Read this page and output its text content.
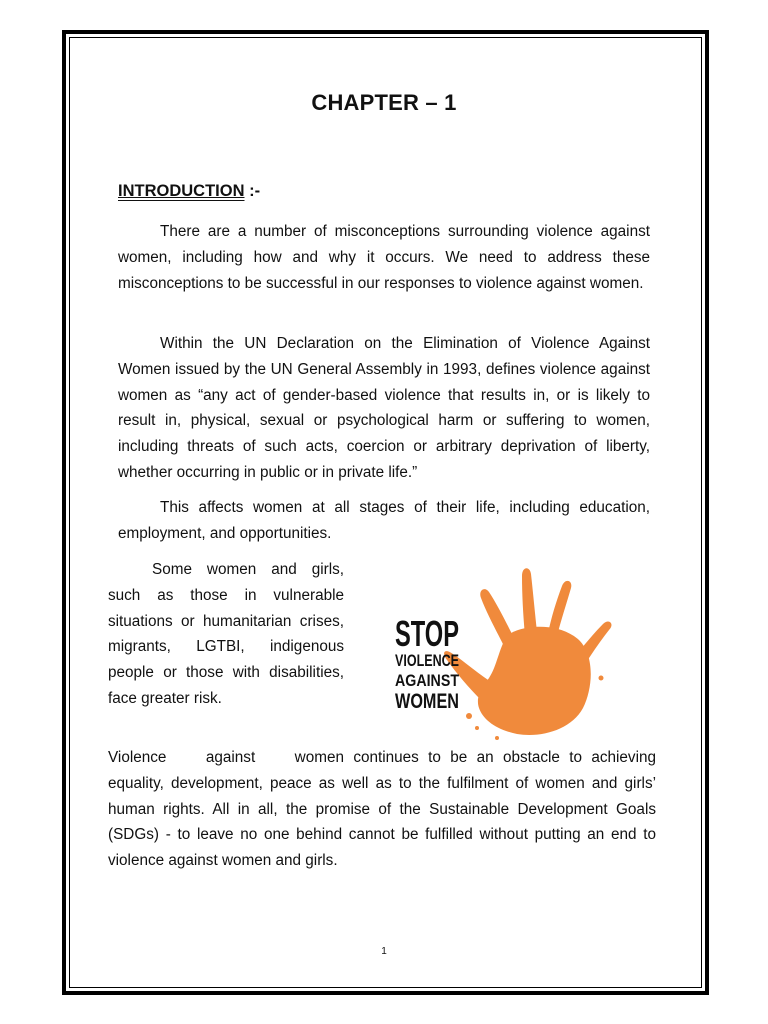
CHAPTER – 1
INTRODUCTION :-

There are a number of misconceptions surrounding violence against women, including how and why it occurs. We need to address these misconceptions to be successful in our responses to violence against women.

Within the UN Declaration on the Elimination of Violence Against Women issued by the UN General Assembly in 1993, defines violence against women as “any act of gender-based violence that results in, or is likely to result in, physical, sexual or psychological harm or suffering to women, including threats of such acts, coercion or arbitrary deprivation of liberty, whether occurring in public or in private life.”

This affects women at all stages of their life, including education, employment, and opportunities.

Some women and girls, such as those in vulnerable situations or humanitarian crises, migrants, LGTBI, indigenous people or those with disabilities, face greater risk.

Violence against women continues to be an obstacle to achieving equality, development, peace as well as to the fulfilment of women and girls’ human rights. All in all, the promise of the Sustainable Development Goals (SDGs) - to leave no one behind cannot be fulfilled without putting an end to violence against women and girls.

STOP
VIOLENCE
AGAINST
WOMEN
1
